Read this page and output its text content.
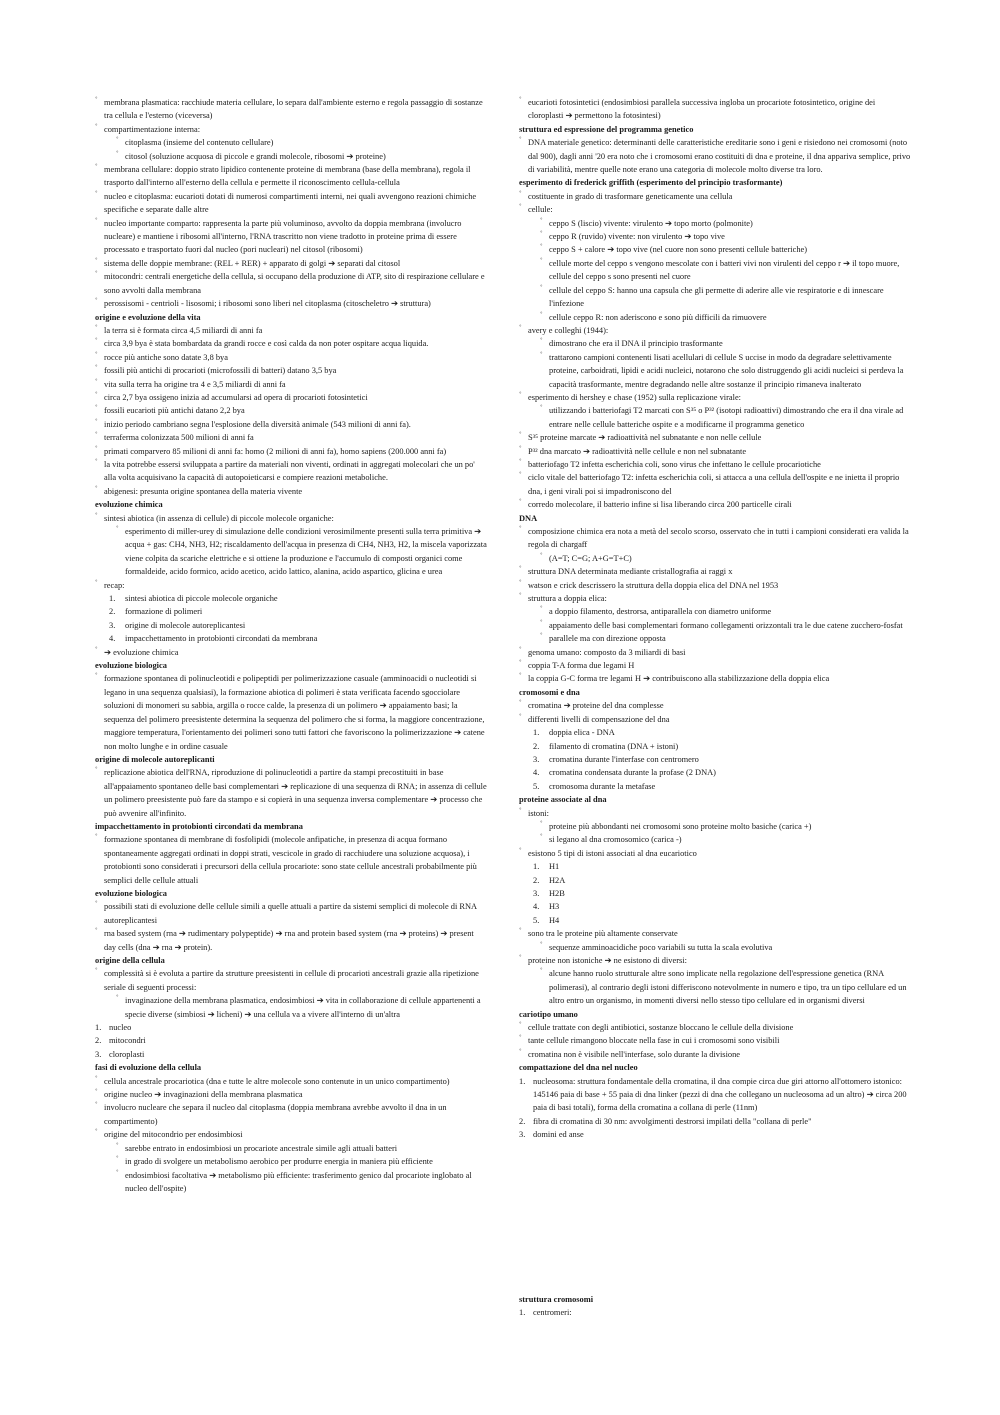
˚ membrana plasmatica: racchiude materia cellulare, lo separa dall'ambiente esterno e regola passaggio di sostanze tra cellula e l'esterno (viceversa)
˚ compartimentazione interna:
˚ citoplasma (insieme del contenuto cellulare)
˚ citosol (soluzione acquosa di piccole e grandi molecole, ribosomi ➔ proteine)
˚ membrana cellulare: doppio strato lipidico contenente proteine di membrana (base della membrana), regola il trasporto dall'interno all'esterno della cellula e permette il riconoscimento cellula-cellula
˚ nucleo e citoplasma: eucarioti dotati di numerosi compartimenti interni, nei quali avvengono reazioni chimiche specifiche e separate dalle altre
˚ nucleo importante comparto: rappresenta la parte più voluminoso, avvolto da doppia membrana (involucro nucleare) e mantiene i ribosomi all'interno, l'RNA trascritto non viene tradotto in proteine prima di essere processato e trasportato fuori dal nucleo (pori nucleari) nel citosol (ribosomi)
˚ sistema delle doppie membrane: (REL + RER) + apparato di golgi ➔ separati dal citosol
˚ mitocondri: centrali energetiche della cellula, si occupano della produzione di ATP, sito di respirazione cellulare e sono avvolti dalla membrana
˚ perossisomi - centrioli - lisosomi; i ribosomi sono liberi nel citoplasma (citoscheletro ➔ struttura)
origine e evoluzione della vita
˚ la terra si è formata circa 4,5 miliardi di anni fa
˚ circa 3,9 bya è stata bombardata da grandi rocce e così calda da non poter ospitare acqua liquida.
˚ rocce più antiche sono datate 3,8 bya
˚ fossili più antichi di procarioti (microfossili di batteri) datano 3,5 bya
˚ vita sulla terra ha origine tra 4 e 3,5 miliardi di anni fa
˚ circa 2,7 bya ossigeno inizia ad accumularsi ad opera di procarioti fotosintetici
˚ fossili eucarioti più antichi datano 2,2 bya
˚ inizio periodo cambriano segna l'esplosione della diversità animale (543 milioni di anni fa).
˚ terraferma colonizzata 500 milioni di anni fa
˚ primati comparvero 85 milioni di anni fa: homo (2 milioni di anni fa), homo sapiens (200.000 anni fa)
˚ la vita potrebbe essersi sviluppata a partire da materiali non viventi, ordinati in aggregati molecolari che un po' alla volta acquisivano la capacità di autopoieticarsi e compiere reazioni metaboliche.
˚ abigenesi: presunta origine spontanea della materia vivente
evoluzione chimica
˚ sintesi abiotica (in assenza di cellule) di piccole molecole organiche:
˚ esperimento di miller-urey di simulazione delle condizioni verosimilmente presenti sulla terra primitiva ➔ acqua + gas: CH4, NH3, H2; riscaldamento dell'acqua in presenza di CH4, NH3, H2, la miscela vaporizzata viene colpita da scariche elettriche e si ottiene la produzione e l'accumulo di composti organici come formaldeide, acido formico, acido acetico, acido lattico, alanina, acido aspartico, glicina e urea
˚ recap:
1. sintesi abiotica di piccole molecole organiche
2. formazione di polimeri
3. origine di molecole autoreplicantesi
4. impacchettamento in protobionti circondati da membrana
˚ ➔ evoluzione chimica
evoluzione biologica
˚ formazione spontanea di polinucleotidi e polipeptidi per polimerizzazione casuale (amminoacidi o nucleotidi si legano in una sequenza qualsiasi), la formazione abiotica di polimeri è stata verificata facendo sgocciolare soluzioni di monomeri su sabbia, argilla o rocce calde, la presenza di un polimero ➔ appaiamento basi; la sequenza del polimero preesistente determina la sequenza del polimero che si forma, la maggiore concentrazione, maggiore temperatura, l'orientamento dei polimeri sono tutti fattori che favoriscono la polimerizzazione ➔ catene non molto lunghe e in ordine casuale
origine di molecole autoreplicanti
˚ replicazione abiotica dell'RNA, riproduzione di polinucleotidi a partire da stampi precostituiti in base all'appaiamento spontaneo delle basi complementari ➔ replicazione di una sequenza di RNA; in assenza di cellule un polimero preesistente può fare da stampo e si copierà in una sequenza inversa complementare ➔ processo che può avvenire all'infinito.
impacchettamento in protobionti circondati da membrana
˚ formazione spontanea di membrane di fosfolipidi (molecole anfipatiche, in presenza di acqua formano spontaneamente aggregati ordinati in doppi strati, vescicole in grado di racchiudere una soluzione acquosa), i protobionti sono considerati i precursori della cellula procariote: sono state cellule ancestrali probabilmente più semplici delle cellule attuali
evoluzione biologica
˚ possibili stati di evoluzione delle cellule simili a quelle attuali a partire da sistemi semplici di molecole di RNA autoreplicantesi
˚ rna based system (rna ➔ rudimentary polypeptide) ➔ rna and protein based system (rna ➔ proteins) ➔ present day cells (dna ➔ rna ➔ protein).
origine della cellula
˚ complessità si è evoluta a partire da strutture preesistenti in cellule di procarioti ancestrali grazie alla ripetizione seriale di seguenti processi:
˚ invaginazione della membrana plasmatica, endosimbiosi ➔ vita in collaborazione di cellule appartenenti a specie diverse (simbiosi ➔ licheni) ➔ una cellula va a vivere all'interno di un'altra
1. nucleo
2. mitocondri
3. cloroplasti
fasi di evoluzione della cellula
˚ cellula ancestrale procariotica (dna e tutte le altre molecole sono contenute in un unico compartimento)
˚ origine nucleo ➔ invaginazioni della membrana plasmatica
˚ involucro nucleare che separa il nucleo dal citoplasma (doppia membrana avrebbe avvolto il dna in un compartimento)
˚ origine del mitocondrio per endosimbiosi
˚ sarebbe entrato in endosimbiosi un procariote ancestrale simile agli attuali batteri
˚ in grado di svolgere un metabolismo aerobico per produrre energia in maniera più efficiente
˚ endosimbiosi facoltativa ➔ metabolismo più efficiente: trasferimento genico dal procariote inglobato al nucleo dell'ospite)
˚ eucarioti fotosintetici (endosimbiosi parallela successiva ingloba un procariote fotosintetico, origine dei cloroplasti ➔ permettono la fotosintesi)
struttura ed espressione del programma genetico
˚ DNA materiale genetico: determinanti delle caratteristiche ereditarie sono i geni e risiedono nei cromosomi (noto dal 900), dagli anni '20 era noto che i cromosomi erano costituiti di dna e proteine, il dna appariva semplice, privo di variabilità, mentre quelle note erano una categoria di molecole molto diverse tra loro.
esperimento di frederick griffith (esperimento del principio trasformante)
˚ costituente in grado di trasformare geneticamente una cellula
˚ cellule:
˚ ceppo S (liscio) vivente: virulento ➔ topo morto (polmonite)
˚ ceppo R (ruvido) vivente: non virulento ➔ topo vive
˚ ceppo S + calore ➔ topo vive (nel cuore non sono presenti cellule batteriche)
˚ cellule morte del ceppo s vengono mescolate con i batteri vivi non virulenti del ceppo r ➔ il topo muore, cellule del ceppo s sono presenti nel cuore
˚ cellule del ceppo S: hanno una capsula che gli permette di aderire alle vie respiratorie e di innescare l'infezione
˚ cellule ceppo R: non aderiscono e sono più difficili da rimuovere
˚ avery e colleghi (1944):
˚ dimostrano che era il DNA il principio trasformante
˚ trattarono campioni contenenti lisati acellulari di cellule S uccise in modo da degradare selettivamente proteine, carboidrati, lipidi e acidi nucleici, notarono che solo distruggendo gli acidi nucleici si perdeva la capacità trasformante, mentre degradando nelle altre sostanze il principio rimaneva inalterato
˚ esperimento di hershey e chase (1952) sulla replicazione virale:
˚ utilizzando i batteriofagi T2 marcati con S³⁵ o P³² (isotopi radioattivi) dimostrando che era il dna virale ad entrare nelle cellule batteriche ospite e a modificarne il programma genetico
˚ S³⁵ proteine marcate ➔ radioattività nel subnatante e non nelle cellule
˚ P³² dna marcato ➔ radioattività nelle cellule e non nel subnatante
˚ batteriofago T2 infetta escherichia coli, sono virus che infettano le cellule procariotiche
˚ ciclo vitale del batteriofago T2: infetta escherichia coli, si attacca a una cellula dell'ospite e ne inietta il proprio dna, i geni virali poi si impadroniscono del
˚ corredo molecolare, il batterio infine si lisa liberando circa 200 particelle cirali
DNA
˚ composizione chimica era nota a metà del secolo scorso, osservato che in tutti i campioni considerati era valida la regola di chargaff
˚ (A=T; C=G; A+G=T+C)
˚ struttura DNA determinata mediante cristallografia ai raggi x
˚ watson e crick descrissero la struttura della doppia elica del DNA nel 1953
˚ struttura a doppia elica:
˚ a doppio filamento, destrorsa, antiparallela con diametro uniforme
˚ appaiamento delle basi complementari formano collegamenti orizzontali tra le due catene zucchero-fosfat
˚ parallele ma con direzione opposta
˚ genoma umano: composto da 3 miliardi di basi
˚ coppia T-A forma due legami H
˚ la coppia G-C forma tre legami H ➔ contribuiscono alla stabilizzazione della doppia elica
cromosomi e dna
˚ cromatina ➔ proteine del dna complesse
˚ differenti livelli di compensazione del dna
1. doppia elica - DNA
2. filamento di cromatina (DNA + istoni)
3. cromatina durante l'interfase con centromero
4. cromatina condensata durante la profase (2 DNA)
5. cromosoma durante la metafase
proteine associate al dna
˚ istoni:
˚ proteine più abbondanti nei cromosomi sono proteine molto basiche (carica +)
˚ si legano al dna cromosomico (carica -)
˚ esistono 5 tipi di istoni associati al dna eucariotico
1. H1
2. H2A
3. H2B
4. H3
5. H4
˚ sono tra le proteine più altamente conservate
˚ sequenze amminoacidiche poco variabili su tutta la scala evolutiva
˚ proteine non istoniche ➔ ne esistono di diversi:
˚ alcune hanno ruolo strutturale altre sono implicate nella regolazione dell'espressione genetica (RNA polimerasi), al contrario degli istoni differiscono notevolmente in numero e tipo, tra un tipo cellulare ed un altro entro un organismo, in momenti diversi nello stesso tipo cellulare ed in organismi diversi
cariotipo umano
˚ cellule trattate con degli antibiotici, sostanze bloccano le cellule della divisione
˚ tante cellule rimangono bloccate nella fase in cui i cromosomi sono visibili
˚ cromatina non è visibile nell'interfase, solo durante la divisione
compattazione del dna nel nucleo
1. nucleosoma: struttura fondamentale della cromatina, il dna compie circa due giri attorno all'ottomero istonico: 145146 paia di base + 55 paia di dna linker (pezzi di dna che collegano un nucleosoma ad un altro) ➔ circa 200 paia di basi totali), forma della cromatina a collana di perle (11nm)
2. fibra di cromatina di 30 nm: avvolgimenti destrorsi impilati della "collana di perle"
3. domini ed anse
struttura cromosomi
1. centromeri:
